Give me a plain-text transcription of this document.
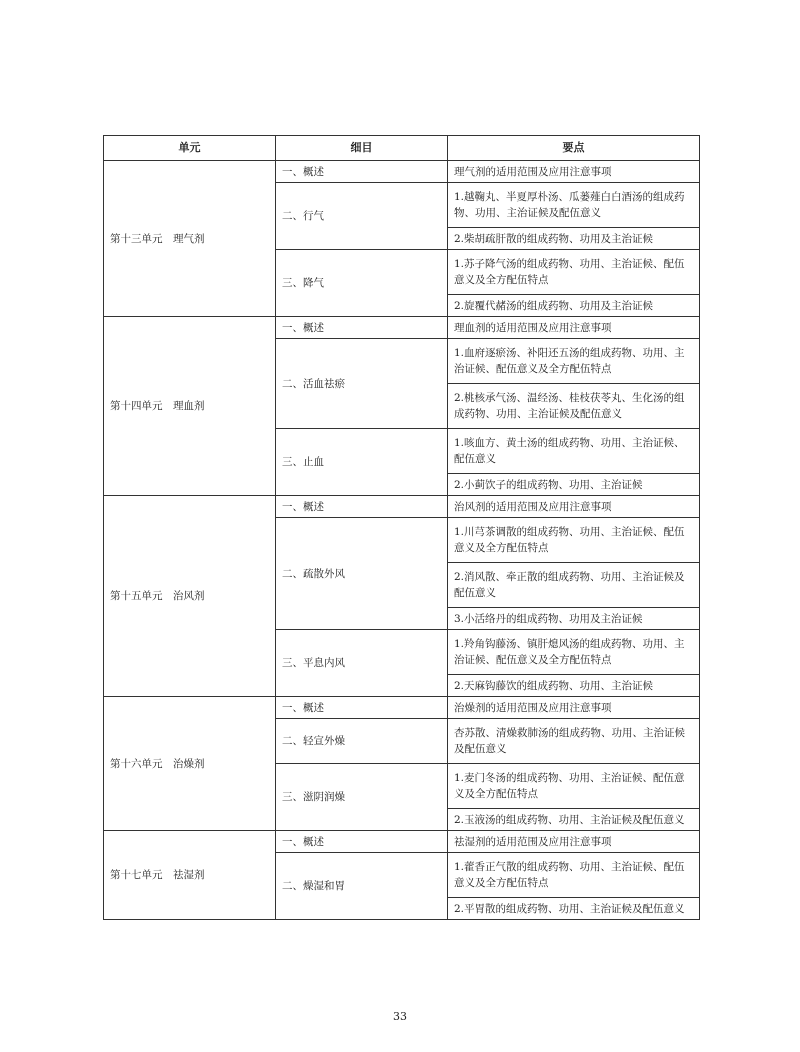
单元	细目	要点
第十三单元　理气剂	一、概述	理气剂的适用范围及应用注意事项
	二、行气	1.越鞠丸、半夏厚朴汤、瓜蒌薤白白酒汤的组成药物、功用、主治证候及配伍意义
		2.柴胡疏肝散的组成药物、功用及主治证候
	三、降气	1.苏子降气汤的组成药物、功用、主治证候、配伍意义及全方配伍特点
		2.旋覆代赭汤的组成药物、功用及主治证候
第十四单元　理血剂	一、概述	理血剂的适用范围及应用注意事项
	二、活血祛瘀	1.血府逐瘀汤、补阳还五汤的组成药物、功用、主治证候、配伍意义及全方配伍特点
		2.桃核承气汤、温经汤、桂枝茯苓丸、生化汤的组成药物、功用、主治证候及配伍意义
	三、止血	1.咳血方、黄土汤的组成药物、功用、主治证候、配伍意义
		2.小蓟饮子的组成药物、功用、主治证候
第十五单元　治风剂	一、概述	治风剂的适用范围及应用注意事项
	二、疏散外风	1.川芎茶调散的组成药物、功用、主治证候、配伍意义及全方配伍特点
		2.消风散、牵正散的组成药物、功用、主治证候及配伍意义
		3.小活络丹的组成药物、功用及主治证候
	三、平息内风	1.羚角钩藤汤、镇肝熄风汤的组成药物、功用、主治证候、配伍意义及全方配伍特点
		2.天麻钩藤饮的组成药物、功用、主治证候
第十六单元　治燥剂	一、概述	治燥剂的适用范围及应用注意事项
	二、轻宣外燥	杏苏散、清燥救肺汤的组成药物、功用、主治证候及配伍意义
	三、滋阴润燥	1.麦门冬汤的组成药物、功用、主治证候、配伍意义及全方配伍特点
		2.玉液汤的组成药物、功用、主治证候及配伍意义
第十七单元　祛湿剂	一、概述	祛湿剂的适用范围及应用注意事项
	二、燥湿和胃	1.藿香正气散的组成药物、功用、主治证候、配伍意义及全方配伍特点
		2.平胃散的组成药物、功用、主治证候及配伍意义
33
